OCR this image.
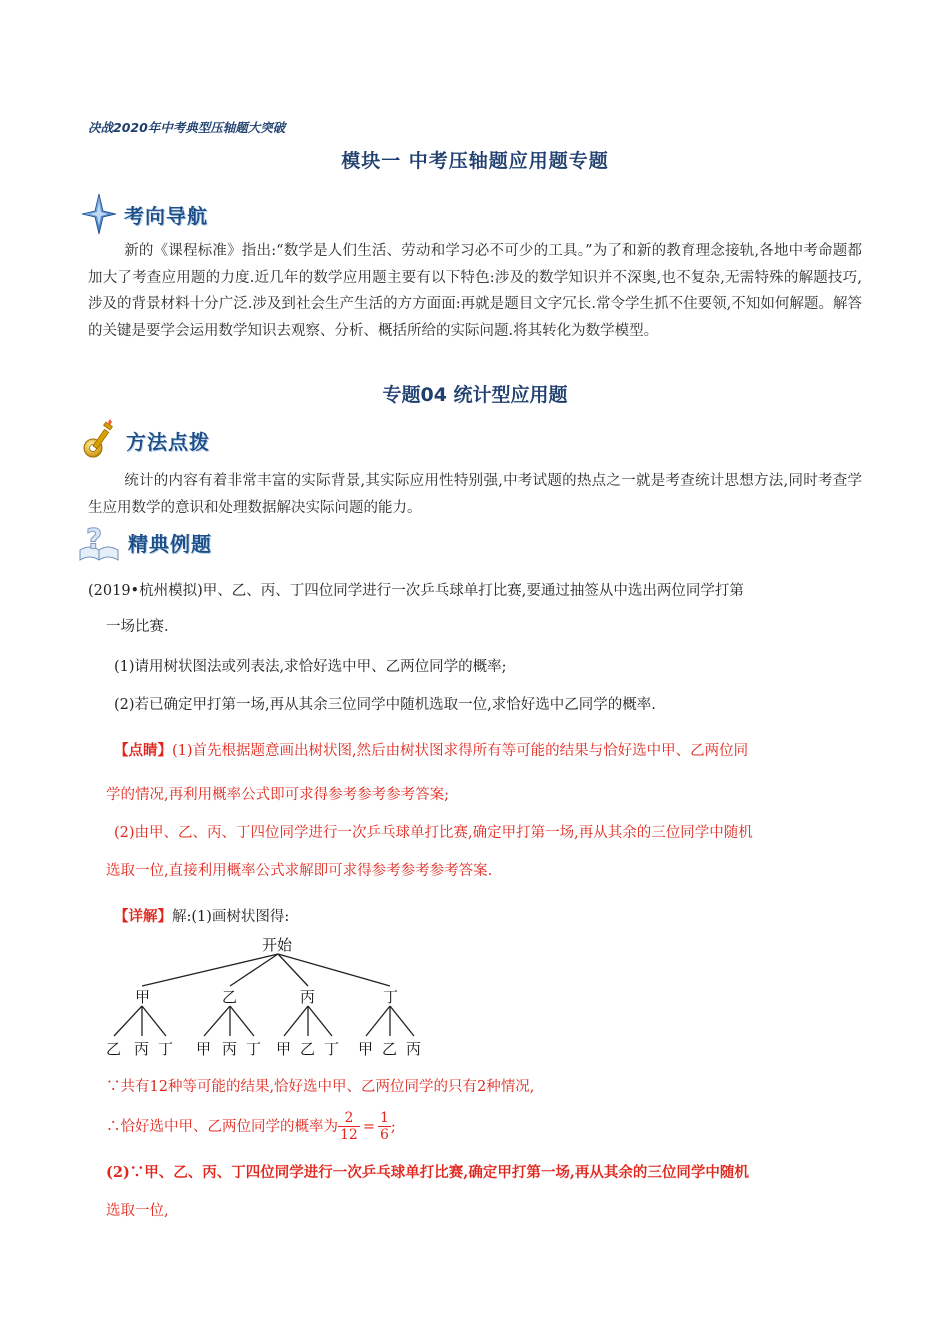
决战2020年中考典型压轴题大突破
模块一 中考压轴题应用题专题
考向导航
新的《课程标准》指出:“数学是人们生活、劳动和学习必不可少的工具。”为了和新的教育理念接轨,各地中考命题都加大了考查应用题的力度.近几年的数学应用题主要有以下特色:涉及的数学知识并不深奥,也不复杂,无需特殊的解题技巧,涉及的背景材料十分广泛.涉及到社会生产生活的方方面面:再就是题目文字冗长.常令学生抓不住要领,不知如何解题。解答的关键是要学会运用数学知识去观察、分析、概括所给的实际问题.将其转化为数学模型。
专题04 统计型应用题
方法点拨
统计的内容有着非常丰富的实际背景,其实际应用性特别强,中考试题的热点之一就是考查统计思想方法,同时考查学生应用数学的意识和处理数据解决实际问题的能力。
? 精典例题
(2019•杭州模拟)甲、乙、丙、丁四位同学进行一次乒乓球单打比赛,要通过抽签从中选出两位同学打第
一场比赛.
(1)请用树状图法或列表法,求恰好选中甲、乙两位同学的概率;
(2)若已确定甲打第一场,再从其余三位同学中随机选取一位,求恰好选中乙同学的概率.
【点睛】(1)首先根据题意画出树状图,然后由树状图求得所有等可能的结果与恰好选中甲、乙两位同
学的情况,再利用概率公式即可求得参考参考参考答案;
(2)由甲、乙、丙、丁四位同学进行一次乒乓球单打比赛,确定甲打第一场,再从其余的三位同学中随机
选取一位,直接利用概率公式求解即可求得参考参考参考答案.
【详解】解:(1)画树状图得:
开始
甲	乙	丙	丁
乙 丙 丁 甲 丙 丁 甲 乙 丁 甲 乙 丙
∵共有12种等可能的结果,恰好选中甲、乙两位同学的只有2种情况,
∴恰好选中甲、乙两位同学的概率为 $\frac{2}{12} = \frac{1}{6}$ ;
(2)∵甲、乙、丙、丁四位同学进行一次乒乓球单打比赛,确定甲打第一场,再从其余的三位同学中随机
选取一位,
